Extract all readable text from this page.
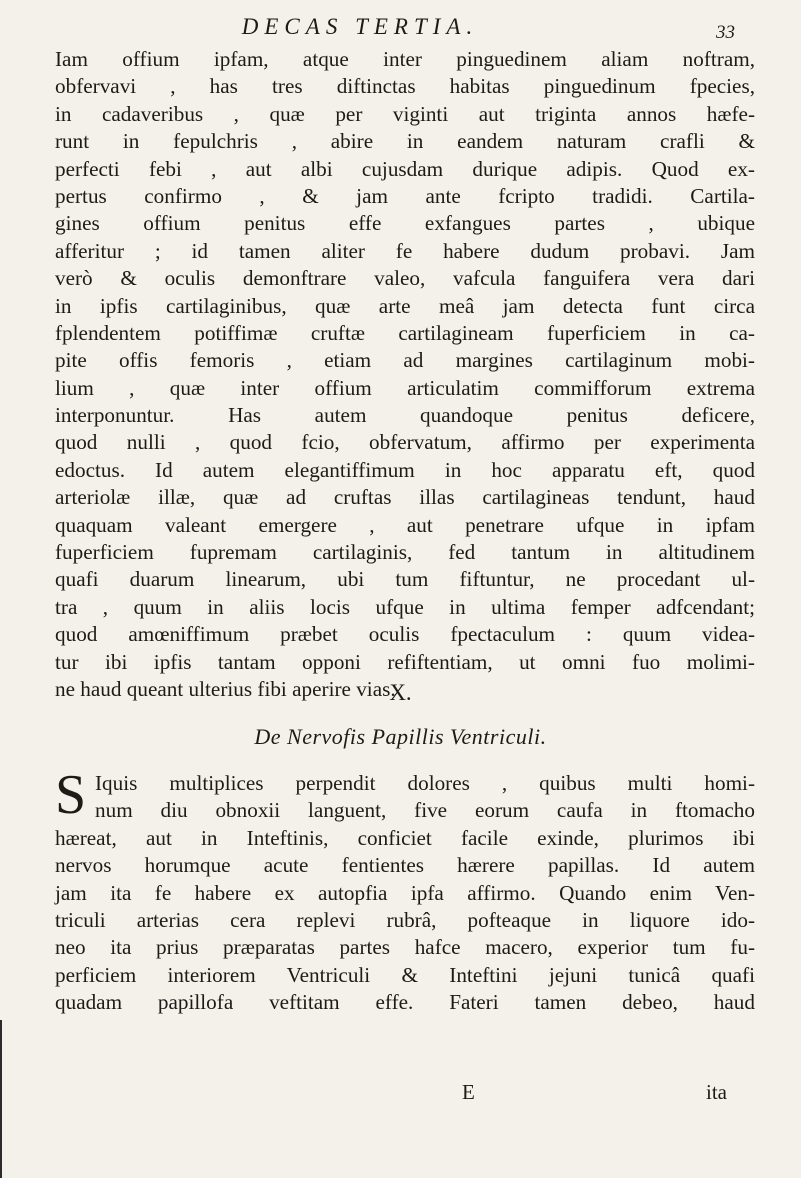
DECAS TERTIA.	33
Iam offium ipfam, atque inter pinguedinem aliam noftram,
obfervavi , has tres diftinctas habitas pinguedinum fpecies,
in cadaveribus , quæ per viginti aut triginta annos hæfe-
runt in fepulchris , abire in eandem naturam crafli &
perfecti febi , aut albi cujusdam durique adipis. Quod ex-
pertus confirmo , & jam ante fcripto tradidi. Cartila-
gines offium penitus effe exfangues partes , ubique
afferitur ; id tamen aliter fe habere dudum probavi. Jam
verò & oculis demonftrare valeo, vafcula fanguifera vera dari
in ipfis cartilaginibus, quæ arte meâ jam detecta funt circa
fplendentem potiffimæ cruftæ cartilagineam fuperficiem in ca-
pite offis femoris , etiam ad margines cartilaginum mobi-
lium , quæ inter offium articulatim commifforum extrema
interponuntur. Has autem quandoque penitus deficere,
quod nulli , quod fcio, obfervatum, affirmo per experimenta
edoctus. Id autem elegantiffimum in hoc apparatu eft, quod
arteriolæ illæ, quæ ad cruftas illas cartilagineas tendunt, haud
quaquam valeant emergere , aut penetrare ufque in ipfam
fuperficiem fupremam cartilaginis, fed tantum in altitudinem
quafi duarum linearum, ubi tum fiftuntur, ne procedant ul-
tra , quum in aliis locis ufque in ultima femper adfcendant;
quod amœniffimum præbet oculis fpectaculum : quum videa-
tur ibi ipfis tantam opponi refiftentiam, ut omni fuo molimi-
ne haud queant ulterius fibi aperire vias.
X.
De Nervofis Papillis Ventriculi.
S Iquis multiplices perpendit dolores , quibus multi homi-
num diu obnoxii languent, five eorum caufa in ftomacho
hæreat, aut in Inteftinis, conficiet facile exinde, plurimos ibi
nervos horumque acute fentientes hærere papillas. Id autem
jam ita fe habere ex autopfia ipfa affirmo. Quando enim Ven-
triculi arterias cera replevi rubrâ, pofteaque in liquore ido-
neo ita prius præparatas partes hafce macero, experior tum fu-
perficiem interiorem Ventriculi & Inteftini jejuni tunicâ quafi
quadam papillofa veftitam effe. Fateri tamen debeo, haud
E	ita
